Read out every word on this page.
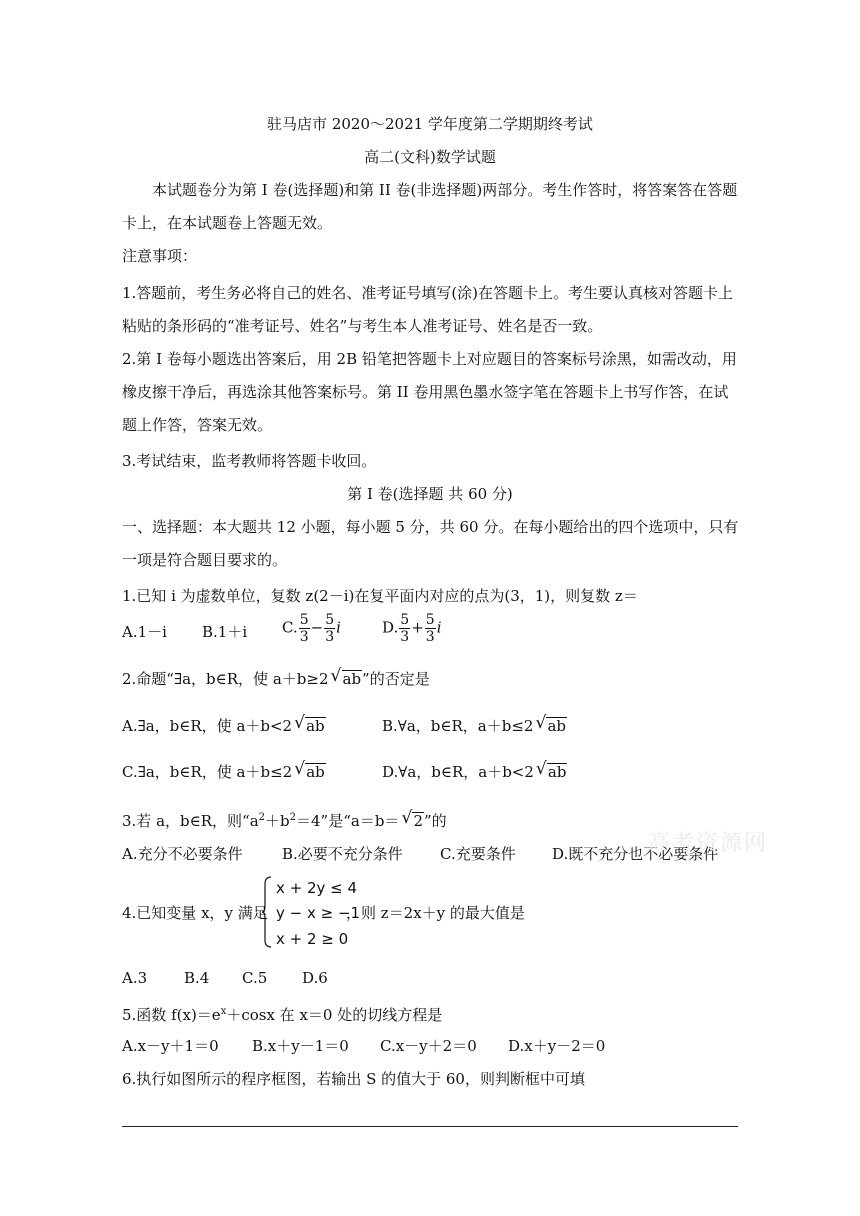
驻马店市 2020～2021 学年度第二学期期终考试
高二(文科)数学试题
本试题卷分为第 I 卷(选择题)和第 II 卷(非选择题)两部分。考生作答时，将答案答在答题
卡上，在本试题卷上答题无效。
注意事项：
1.答题前，考生务必将自己的姓名、准考证号填写(涂)在答题卡上。考生要认真核对答题卡上
粘贴的条形码的“准考证号、姓名”与考生本人准考证号、姓名是否一致。
2.第 I 卷每小题选出答案后，用 2B 铅笔把答题卡上对应题目的答案标号涂黑，如需改动，用
橡皮擦干净后，再选涂其他答案标号。第 II 卷用黑色墨水签字笔在答题卡上书写作答，在试
题上作答，答案无效。
3.考试结束，监考教师将答题卡收回。
第 I 卷(选择题 共 60 分)
一、选择题：本大题共 12 小题，每小题 5 分，共 60 分。在每小题给出的四个选项中，只有
一项是符合题目要求的。
1.已知 i 为虚数单位，复数 z(2－i)在复平面内对应的点为(3，1)，则复数 z＝
A.1－i B.1＋i C. $\frac{5}{3} - \frac{5}{3}$ i	D. $\frac{5}{3} + \frac{5}{3}$ i
2.命题“∃a，b∈R，使 a＋b≥2 √ ab”的否定是
A.∃a，b∈R，使 a＋b<2 √ ab	B.∀a，b∈R，a＋b≤2 √ ab
C.∃a，b∈R，使 a＋b≤2 √ ab	D.∀a，b∈R，a＋b<2 √ ab
3.若 a，b∈R，则“$a^2+b^2=4$”是“a＝b＝ √ 2”的
A.充分不必要条件	B.必要不充分条件 C.充要条件 D.既不充分也不必要条件
4.已知变量 x，y 满足
x + 2y ≤ 4
y − x ≥ −1
x + 2 ≥ 0
，则 z＝2x＋y 的最大值是
A.3 B.4 C.5 D.6
5.函数 $f(x)=e^x+\cos x$ 在 x＝0 处的切线方程是
A.x－y＋1＝0 B.x＋y－1＝0 C.x－y＋2＝0 D.x＋y－2＝0
6.执行如图所示的程序框图，若输出 S 的值大于 60，则判断框中可填
高考资源网
